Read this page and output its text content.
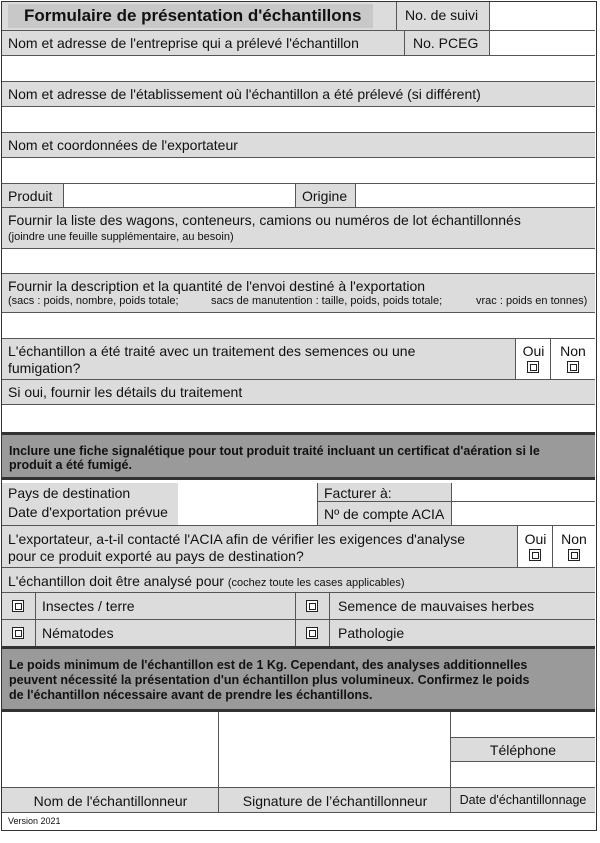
Formulaire de présentation d'échantillons	No. de suivi
Nom et adresse de l'entreprise qui a prélevé l'échantillon	No. PCEG
Nom et adresse de l'établissement où l'échantillon a été prélevé (si différent)
Nom et coordonnées de l'exportateur
Produit	Origine
Fournir la liste des wagons, conteneurs, camions ou numéros de lot échantillonnés
(joindre une feuille supplémentaire, au besoin)
Fournir la description et la quantité de l'envoi destiné à l'exportation
(sacs : poids, nombre, poids totale;	sacs de manutention : taille, poids, poids totale;	vrac : poids en tonnes)
L'échantillon a été traité avec un traitement des semences ou une
fumigation?
Oui	Non
Si oui, fournir les détails du traitement
Inclure une fiche signalétique pour tout produit traité incluant un certificat d'aération si le
produit a été fumigé.
Pays de destination	Facturer à:
Date d'exportation prévue	Nº de compte ACIA
L'exportateur, a-t-il contacté l'ACIA afin de vérifier les exigences d'analyse
pour ce produit exporté au pays de destination?
Oui	Non
L'échantillon doit être analysé pour (cochez toute les cases applicables)
Insectes / terre	Semence de mauvaises herbes
Nématodes	Pathologie
Le poids minimum de l'échantillon est de 1 Kg. Cependant, des analyses additionnelles
peuvent nécessité la présentation d'un échantillon plus volumineux. Confirmez le poids
de l'échantillon nécessaire avant de prendre les échantillons.
Téléphone
Nom de l'échantillonneur	Signature de l’échantillonneur	Date d'échantillonnage
Version 2021
